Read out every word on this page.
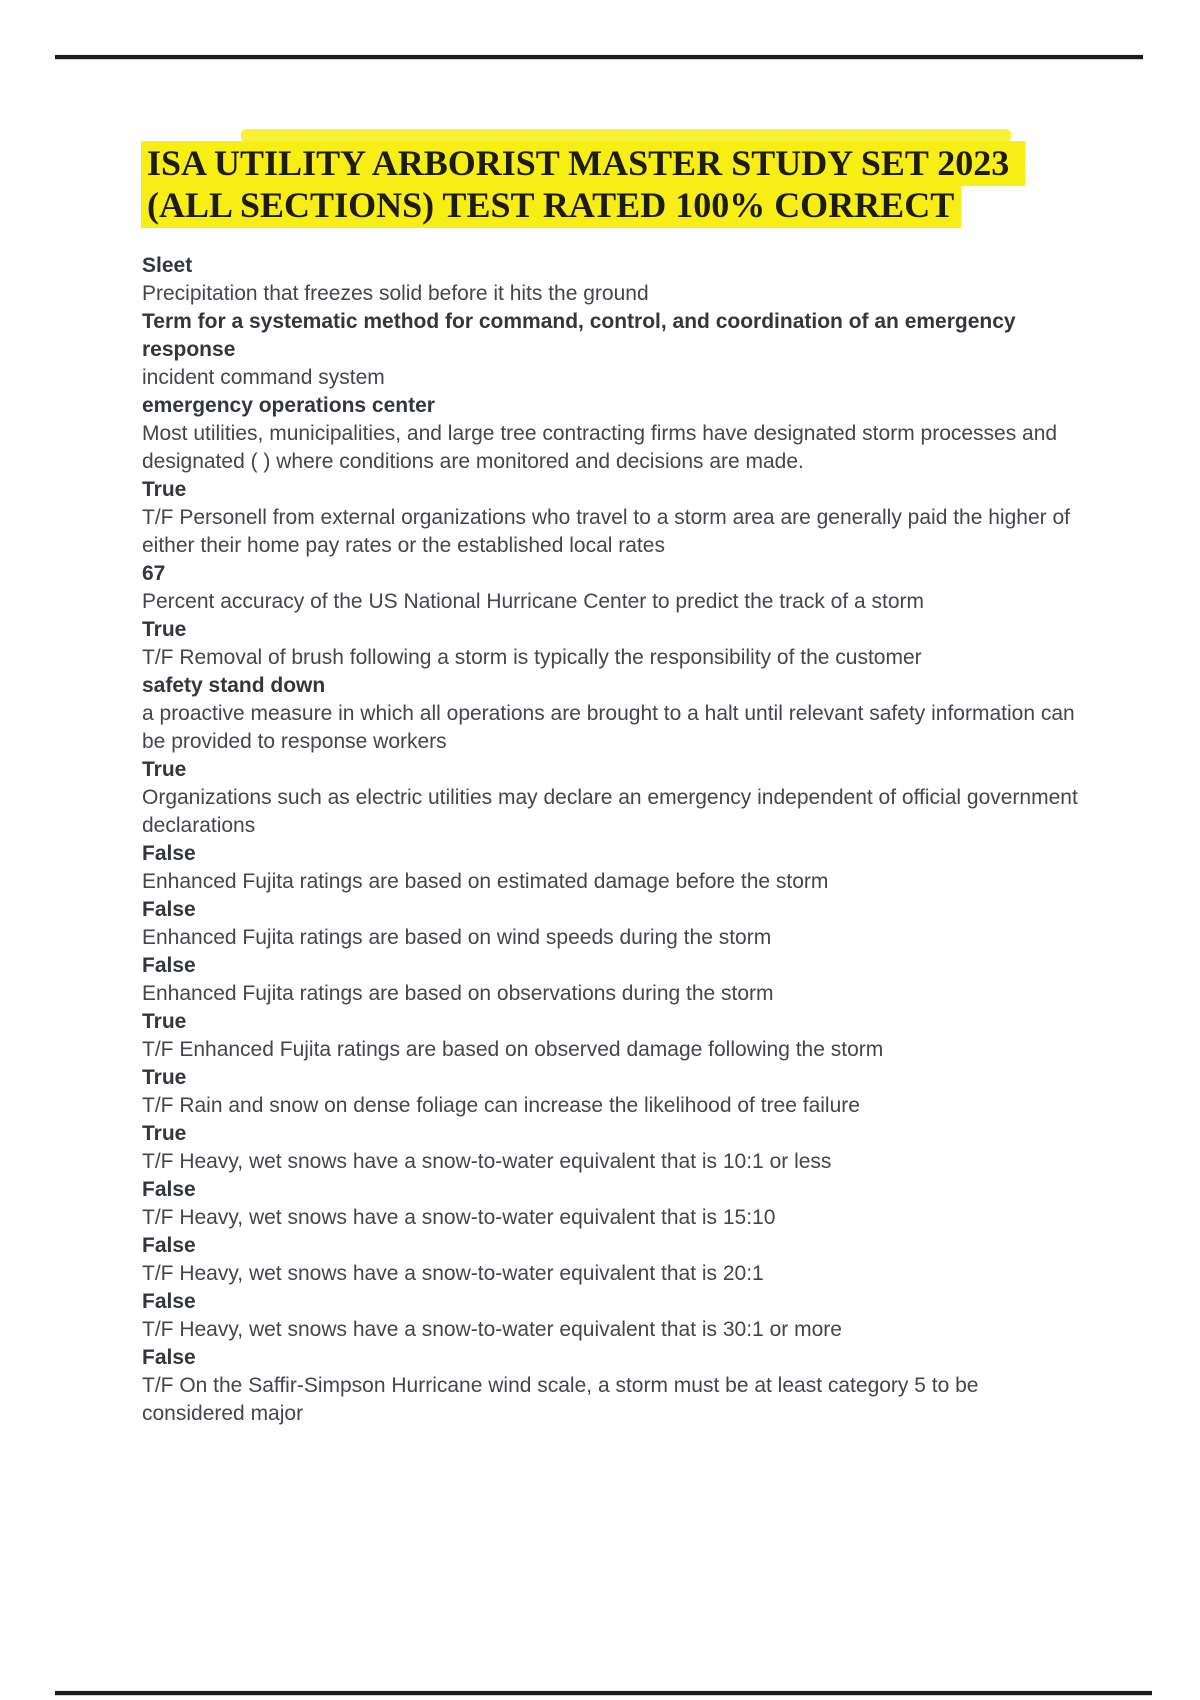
ISA UTILITY ARBORIST MASTER STUDY SET 2023
(ALL SECTIONS) TEST RATED 100% CORRECT
Sleet
Precipitation that freezes solid before it hits the ground
Term for a systematic method for command, control, and coordination of an emergency response
incident command system
emergency operations center
Most utilities, municipalities, and large tree contracting firms have designated storm processes and designated ( ) where conditions are monitored and decisions are made.
True
T/F Personell from external organizations who travel to a storm area are generally paid the higher of either their home pay rates or the established local rates
67
Percent accuracy of the US National Hurricane Center to predict the track of a storm
True
T/F Removal of brush following a storm is typically the responsibility of the customer
safety stand down
a proactive measure in which all operations are brought to a halt until relevant safety information can be provided to response workers
True
Organizations such as electric utilities may declare an emergency independent of official government declarations
False
Enhanced Fujita ratings are based on estimated damage before the storm
False
Enhanced Fujita ratings are based on wind speeds during the storm
False
Enhanced Fujita ratings are based on observations during the storm
True
T/F Enhanced Fujita ratings are based on observed damage following the storm
True
T/F Rain and snow on dense foliage can increase the likelihood of tree failure
True
T/F Heavy, wet snows have a snow-to-water equivalent that is 10:1 or less
False
T/F Heavy, wet snows have a snow-to-water equivalent that is 15:10
False
T/F Heavy, wet snows have a snow-to-water equivalent that is 20:1
False
T/F Heavy, wet snows have a snow-to-water equivalent that is 30:1 or more
False
T/F On the Saffir-Simpson Hurricane wind scale, a storm must be at least category 5 to be considered major
